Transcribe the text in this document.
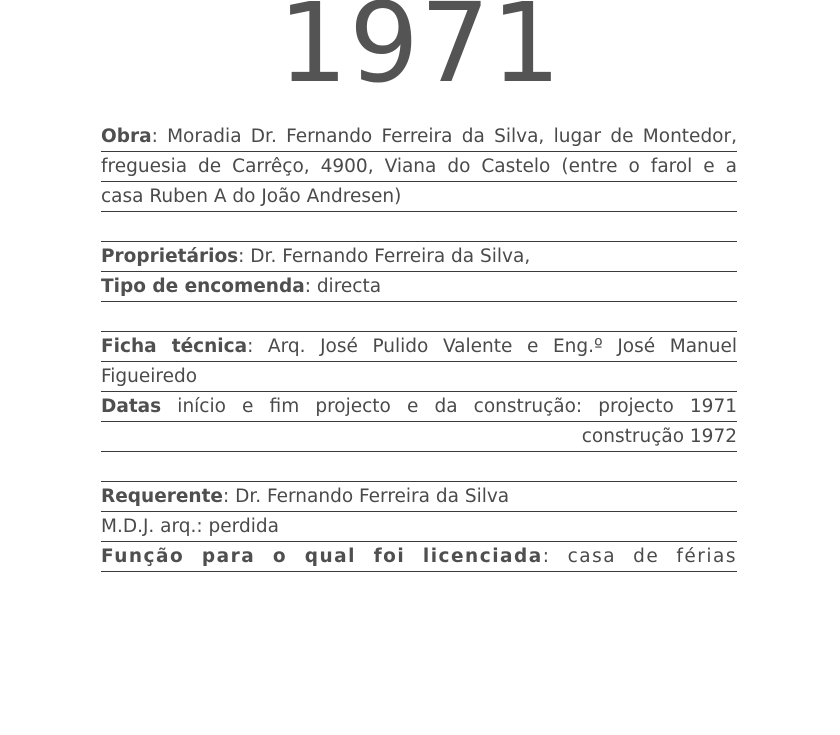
1971
Obra: Moradia Dr. Fernando Ferreira da Silva, lugar de Montedor,
freguesia de Carrêço, 4900, Viana do Castelo (entre o farol e a
casa Ruben A do João Andresen)
Proprietários: Dr. Fernando Ferreira da Silva,
Tipo de encomenda: directa
Ficha técnica: Arq. José Pulido Valente e Eng.º José Manuel
Figueiredo
Datas início e fim projecto e da construção: projecto 1971
construção 1972
Requerente: Dr. Fernando Ferreira da Silva
M.D.J. arq.: perdida
Função para o qual foi licenciada: casa de férias
